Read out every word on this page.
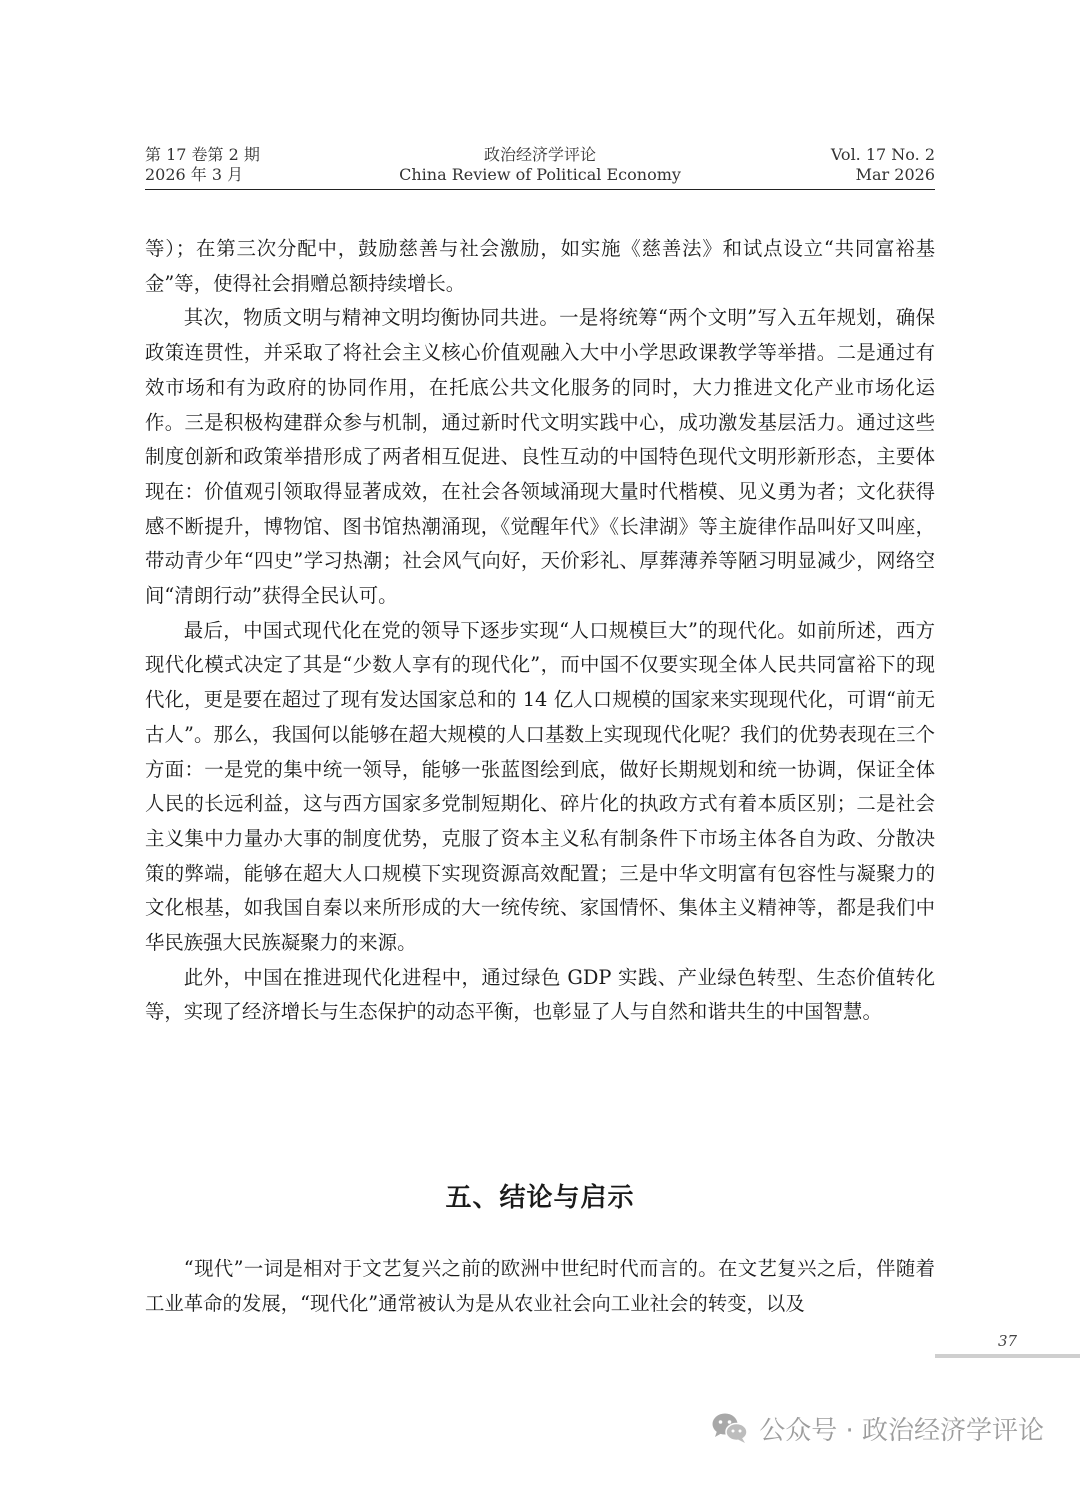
第 17 卷第 2 期
2026 年 3 月
政治经济学评论
China Review of Political Economy
Vol. 17 No. 2
Mar 2026

等）；在第三次分配中，鼓励慈善与社会激励，如实施《慈善法》和试点设立“共同富裕基金”等，使得社会捐赠总额持续增长。

其次，物质文明与精神文明均衡协同共进。一是将统筹“两个文明”写入五年规划，确保政策连贯性，并采取了将社会主义核心价值观融入大中小学思政课教学等举措。二是通过有效市场和有为政府的协同作用，在托底公共文化服务的同时，大力推进文化产业市场化运作。三是积极构建群众参与机制，通过新时代文明实践中心，成功激发基层活力。通过这些制度创新和政策举措形成了两者相互促进、良性互动的中国特色现代文明形新形态，主要体现在：价值观引领取得显著成效，在社会各领域涌现大量时代楷模、见义勇为者；文化获得感不断提升，博物馆、图书馆热潮涌现，《觉醒年代》《长津湖》等主旋律作品叫好又叫座，带动青少年“四史”学习热潮；社会风气向好，天价彩礼、厚葬薄养等陋习明显减少，网络空间“清朗行动”获得全民认可。

最后，中国式现代化在党的领导下逐步实现“人口规模巨大”的现代化。如前所述，西方现代化模式决定了其是“少数人享有的现代化”，而中国不仅要实现全体人民共同富裕下的现代化，更是要在超过了现有发达国家总和的 14 亿人口规模的国家来实现现代化，可谓“前无古人”。那么，我国何以能够在超大规模的人口基数上实现现代化呢？我们的优势表现在三个方面：一是党的集中统一领导，能够一张蓝图绘到底，做好长期规划和统一协调，保证全体人民的长远利益，这与西方国家多党制短期化、碎片化的执政方式有着本质区别；二是社会主义集中力量办大事的制度优势，克服了资本主义私有制条件下市场主体各自为政、分散决策的弊端，能够在超大人口规模下实现资源高效配置；三是中华文明富有包容性与凝聚力的文化根基，如我国自秦以来所形成的大一统传统、家国情怀、集体主义精神等，都是我们中华民族强大民族凝聚力的来源。

此外，中国在推进现代化进程中，通过绿色 GDP 实践、产业绿色转型、生态价值转化等，实现了经济增长与生态保护的动态平衡，也彰显了人与自然和谐共生的中国智慧。

五、结论与启示

“现代”一词是相对于文艺复兴之前的欧洲中世纪时代而言的。在文艺复兴之后，伴随着工业革命的发展，“现代化”通常被认为是从农业社会向工业社会的转变，以及

37
公众号 · 政治经济学评论
